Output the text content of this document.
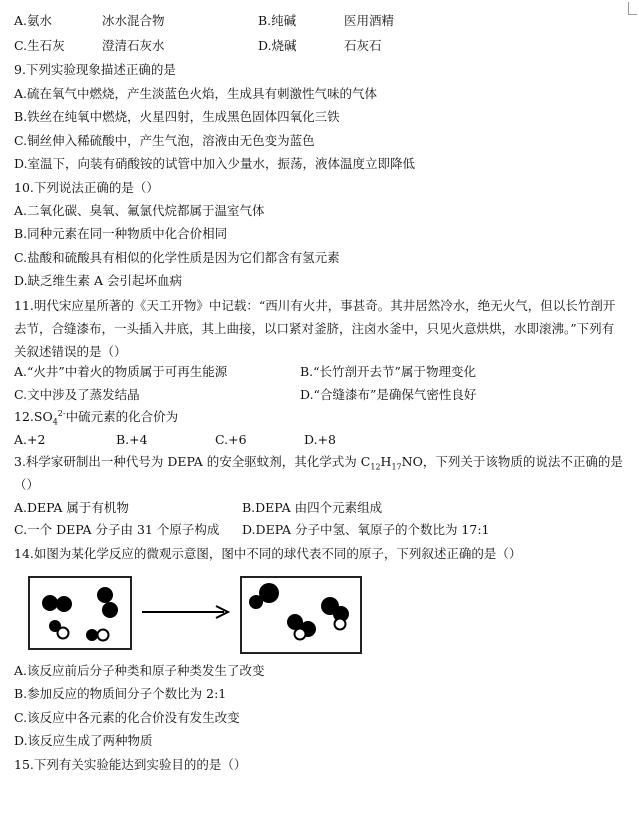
A.氨水	冰水混合物	B.纯碱	医用酒精
C.生石灰	澄清石灰水	D.烧碱	石灰石
9.下列实验现象描述正确的是
A.硫在氧气中燃烧，产生淡蓝色火焰，生成具有刺激性气味的气体
B.铁丝在纯氧中燃烧，火星四射，生成黑色固体四氧化三铁
C.铜丝伸入稀硫酸中，产生气泡，溶液由无色变为蓝色
D.室温下，向装有硝酸铵的试管中加入少量水，振荡，液体温度立即降低
10.下列说法正确的是（）
A.二氧化碳、臭氧、氟氯代烷都属于温室气体
B.同种元素在同一种物质中化合价相同
C.盐酸和硫酸具有相似的化学性质是因为它们都含有氢元素
D.缺乏维生素 A 会引起坏血病
11.明代宋应星所著的《天工开物》中记载：“西川有火井，事甚奇。其井居然冷水，绝无火气，但以长竹剖开去节，合缝漆布，一头插入井底，其上曲接，以口紧对釜脐，注卤水釜中，只见火意烘烘，水即滚沸。”下列有关叙述错误的是（）
A.“火井”中着火的物质属于可再生能源	B.“长竹剖开去节”属于物理变化
C.文中涉及了蒸发结晶	D.“合缝漆布”是确保气密性良好
$12.SO_4^{2-}$中硫元素的化合价为
A.+2	B.+4	C.+6	D.+8
3.科学家研制出一种代号为 DEPA 的安全驱蚊剂，其化学式为 $C_{12}H_{17}NO$，下列关于该物质的说法不正确的是
（）
A.DEPA 属于有机物	B.DEPA 由四个元素组成
C.一个 DEPA 分子由 31 个原子构成 D.DEPA 分子中氢、氧原子的个数比为 17:1
14.如图为某化学反应的微观示意图，图中不同的球代表不同的原子，下列叙述正确的是（）
A.该反应前后分子种类和原子种类发生了改变
B.参加反应的物质间分子个数比为 2:1
C.该反应中各元素的化合价没有发生改变
D.该反应生成了两种物质
15.下列有关实验能达到实验目的的是（）
